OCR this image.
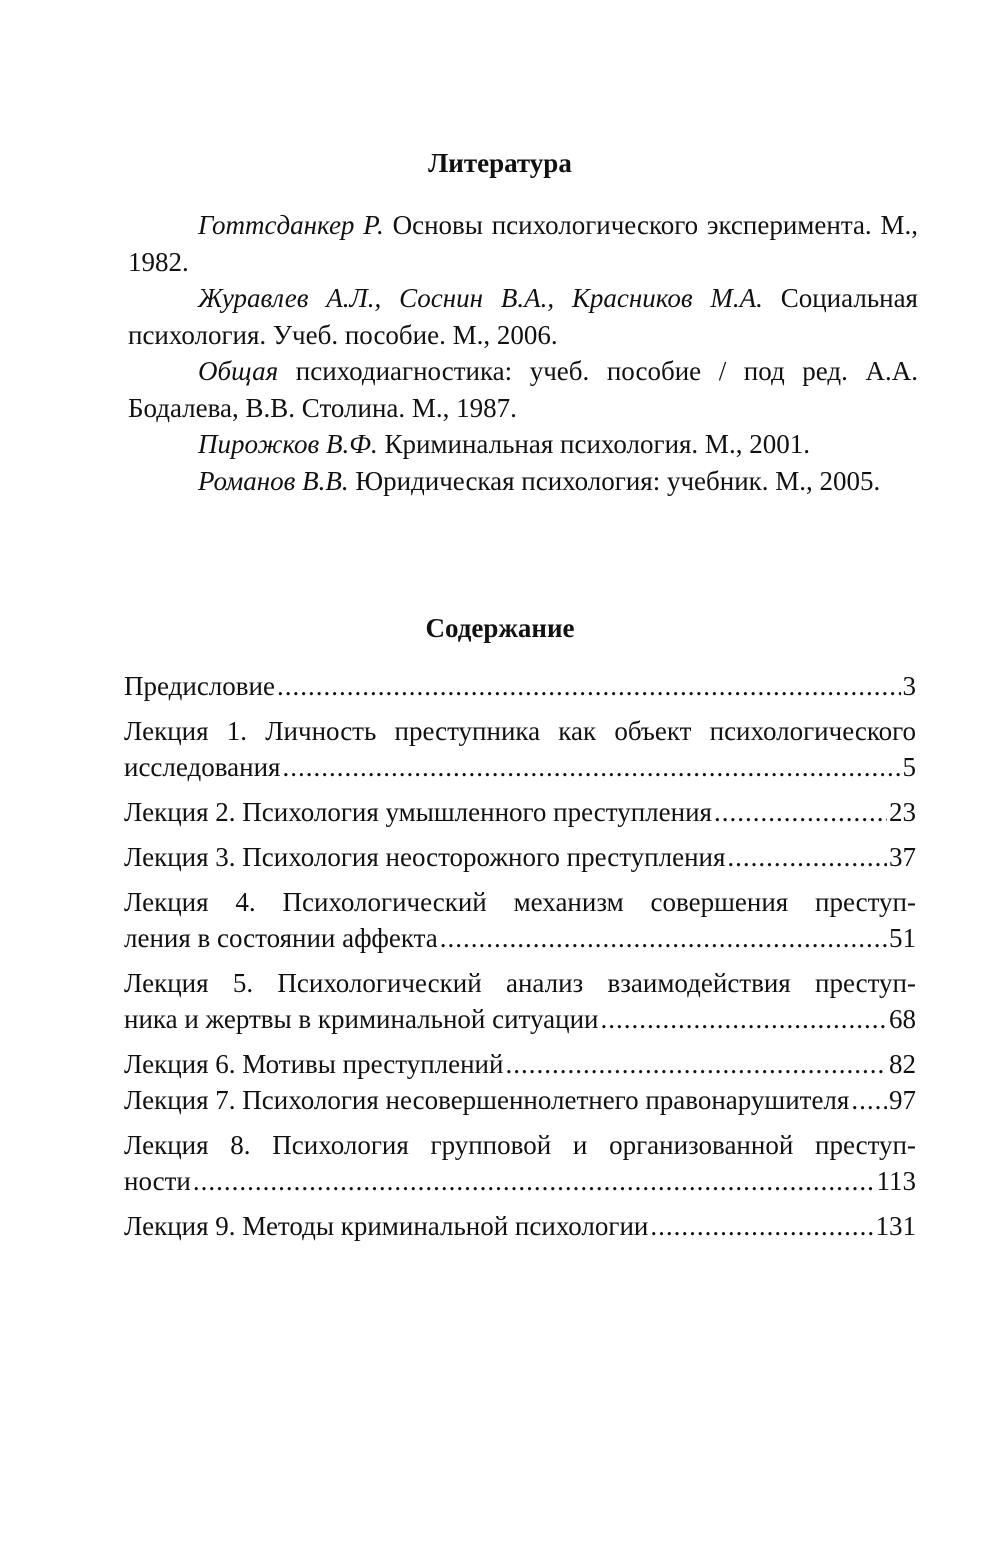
Литература

Готтсданкер Р. Основы психологического эксперимента. М., 1982.

Журавлев А.Л., Соснин В.А., Красников М.А. Социальная психология. Учеб. пособие. М., 2006.

Общая психодиагностика: учеб. пособие / под ред. А.А. Бодалева, В.В. Столина. М., 1987.

Пирожков В.Ф. Криминальная психология. М., 2001.

Романов В.В. Юридическая психология: учебник. М., 2005.

Содержание
Предисловие .....	3
Лекция 1. Личность преступника как объект психологического
исследования .....	5
Лекция 2. Психология умышленного преступления .....	23
Лекция 3. Психология неосторожного преступления .....	37
Лекция 4. Психологический механизм совершения преступ-
ления в состоянии аффекта .....	51
Лекция 5. Психологический анализ взаимодействия преступ-
ника и жертвы в криминальной ситуации .....	68
Лекция 6. Мотивы преступлений .....	82
Лекция 7. Психология несовершеннолетнего правонарушителя ..... 97
Лекция 8. Психология групповой и организованной преступ-
ности .....	113
Лекция 9. Методы криминальной психологии .....	131
